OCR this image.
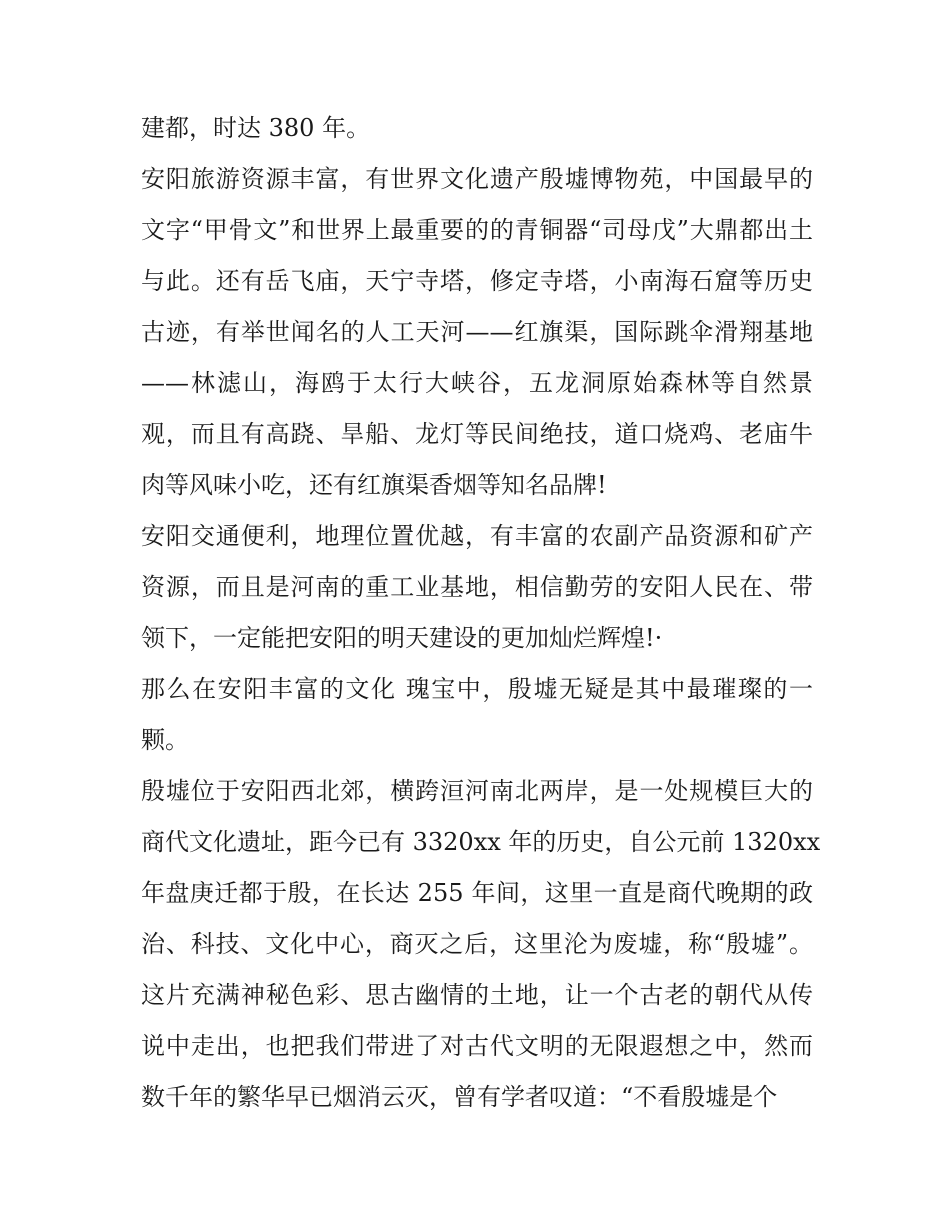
建都，时达 380 年。
安阳旅游资源丰富，有世界文化遗产殷墟博物苑，中国最早的
文字“甲骨文”和世界上最重要的的青铜器“司母戊”大鼎都出土
与此。还有岳飞庙，天宁寺塔，修定寺塔，小南海石窟等历史
古迹，有举世闻名的人工天河——红旗渠，国际跳伞滑翔基地
——林滤山，海鸥于太行大峡谷，五龙洞原始森林等自然景
观，而且有高跷、旱船、龙灯等民间绝技，道口烧鸡、老庙牛
肉等风味小吃，还有红旗渠香烟等知名品牌!
安阳交通便利，地理位置优越，有丰富的农副产品资源和矿产
资源，而且是河南的重工业基地，相信勤劳的安阳人民在、带
领下，一定能把安阳的明天建设的更加灿烂辉煌!·
那么在安阳丰富的文化 瑰宝中，殷墟无疑是其中最璀璨的一
颗。
殷墟位于安阳西北郊，横跨洹河南北两岸，是一处规模巨大的
商代文化遗址，距今已有 3320xx 年的历史，自公元前 1320xx
年盘庚迁都于殷，在长达 255 年间，这里一直是商代晚期的政
治、科技、文化中心，商灭之后，这里沦为废墟，称“殷墟”。
这片充满神秘色彩、思古幽情的土地，让一个古老的朝代从传
说中走出，也把我们带进了对古代文明的无限遐想之中，然而
数千年的繁华早已烟消云灭，曾有学者叹道：“不看殷墟是个
